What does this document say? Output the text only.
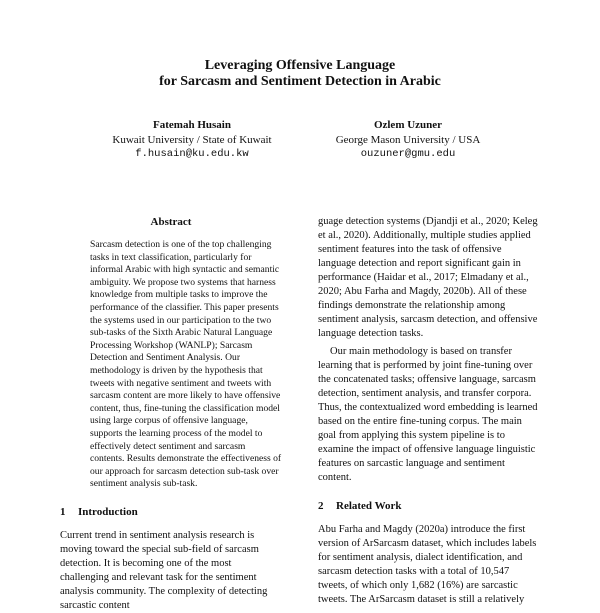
Leveraging Offensive Language
for Sarcasm and Sentiment Detection in Arabic
Fatemah Husain
Kuwait University / State of Kuwait
f.husain@ku.edu.kw
Ozlem Uzuner
George Mason University / USA
ouzuner@gmu.edu
Abstract

Sarcasm detection is one of the top challenging tasks in text classification, particularly for informal Arabic with high syntactic and semantic ambiguity. We propose two systems that harness knowledge from multiple tasks to improve the performance of the classifier. This paper presents the systems used in our participation to the two sub-tasks of the Sixth Arabic Natural Language Processing Workshop (WANLP); Sarcasm Detection and Sentiment Analysis. Our methodology is driven by the hypothesis that tweets with negative sentiment and tweets with sarcasm content are more likely to have offensive content, thus, fine-tuning the classification model using large corpus of offensive language, supports the learning process of the model to effectively detect sentiment and sarcasm contents. Results demonstrate the effectiveness of our approach for sarcasm detection sub-task over sentiment analysis sub-task.

1 Introduction

Current trend in sentiment analysis research is moving toward the special sub-field of sarcasm detection. It is becoming one of the most challenging and relevant task for the sentiment analysis community. The complexity of detecting sarcastic content

guage detection systems (Djandji et al., 2020; Keleg et al., 2020). Additionally, multiple studies applied sentiment features into the task of offensive language detection and report significant gain in performance (Haidar et al., 2017; Elmadany et al., 2020; Abu Farha and Magdy, 2020b). All of these findings demonstrate the relationship among sentiment analysis, sarcasm detection, and offensive language detection tasks.

Our main methodology is based on transfer learning that is performed by joint fine-tuning over the concatenated tasks; offensive language, sarcasm detection, sentiment analysis, and transfer corpora. Thus, the contextualized word embedding is learned based on the entire fine-tuning corpus. The main goal from applying this system pipeline is to examine the impact of offensive language linguistic features on sarcastic language and sentiment content.

2 Related Work

Abu Farha and Magdy (2020a) introduce the first version of ArSarcasm dataset, which includes labels for sentiment analysis, dialect identification, and sarcasm detection tasks with a total of 10,547 tweets, of which only 1,682 (16%) are sarcastic tweets. The ArSarcasm dataset is still a relatively
